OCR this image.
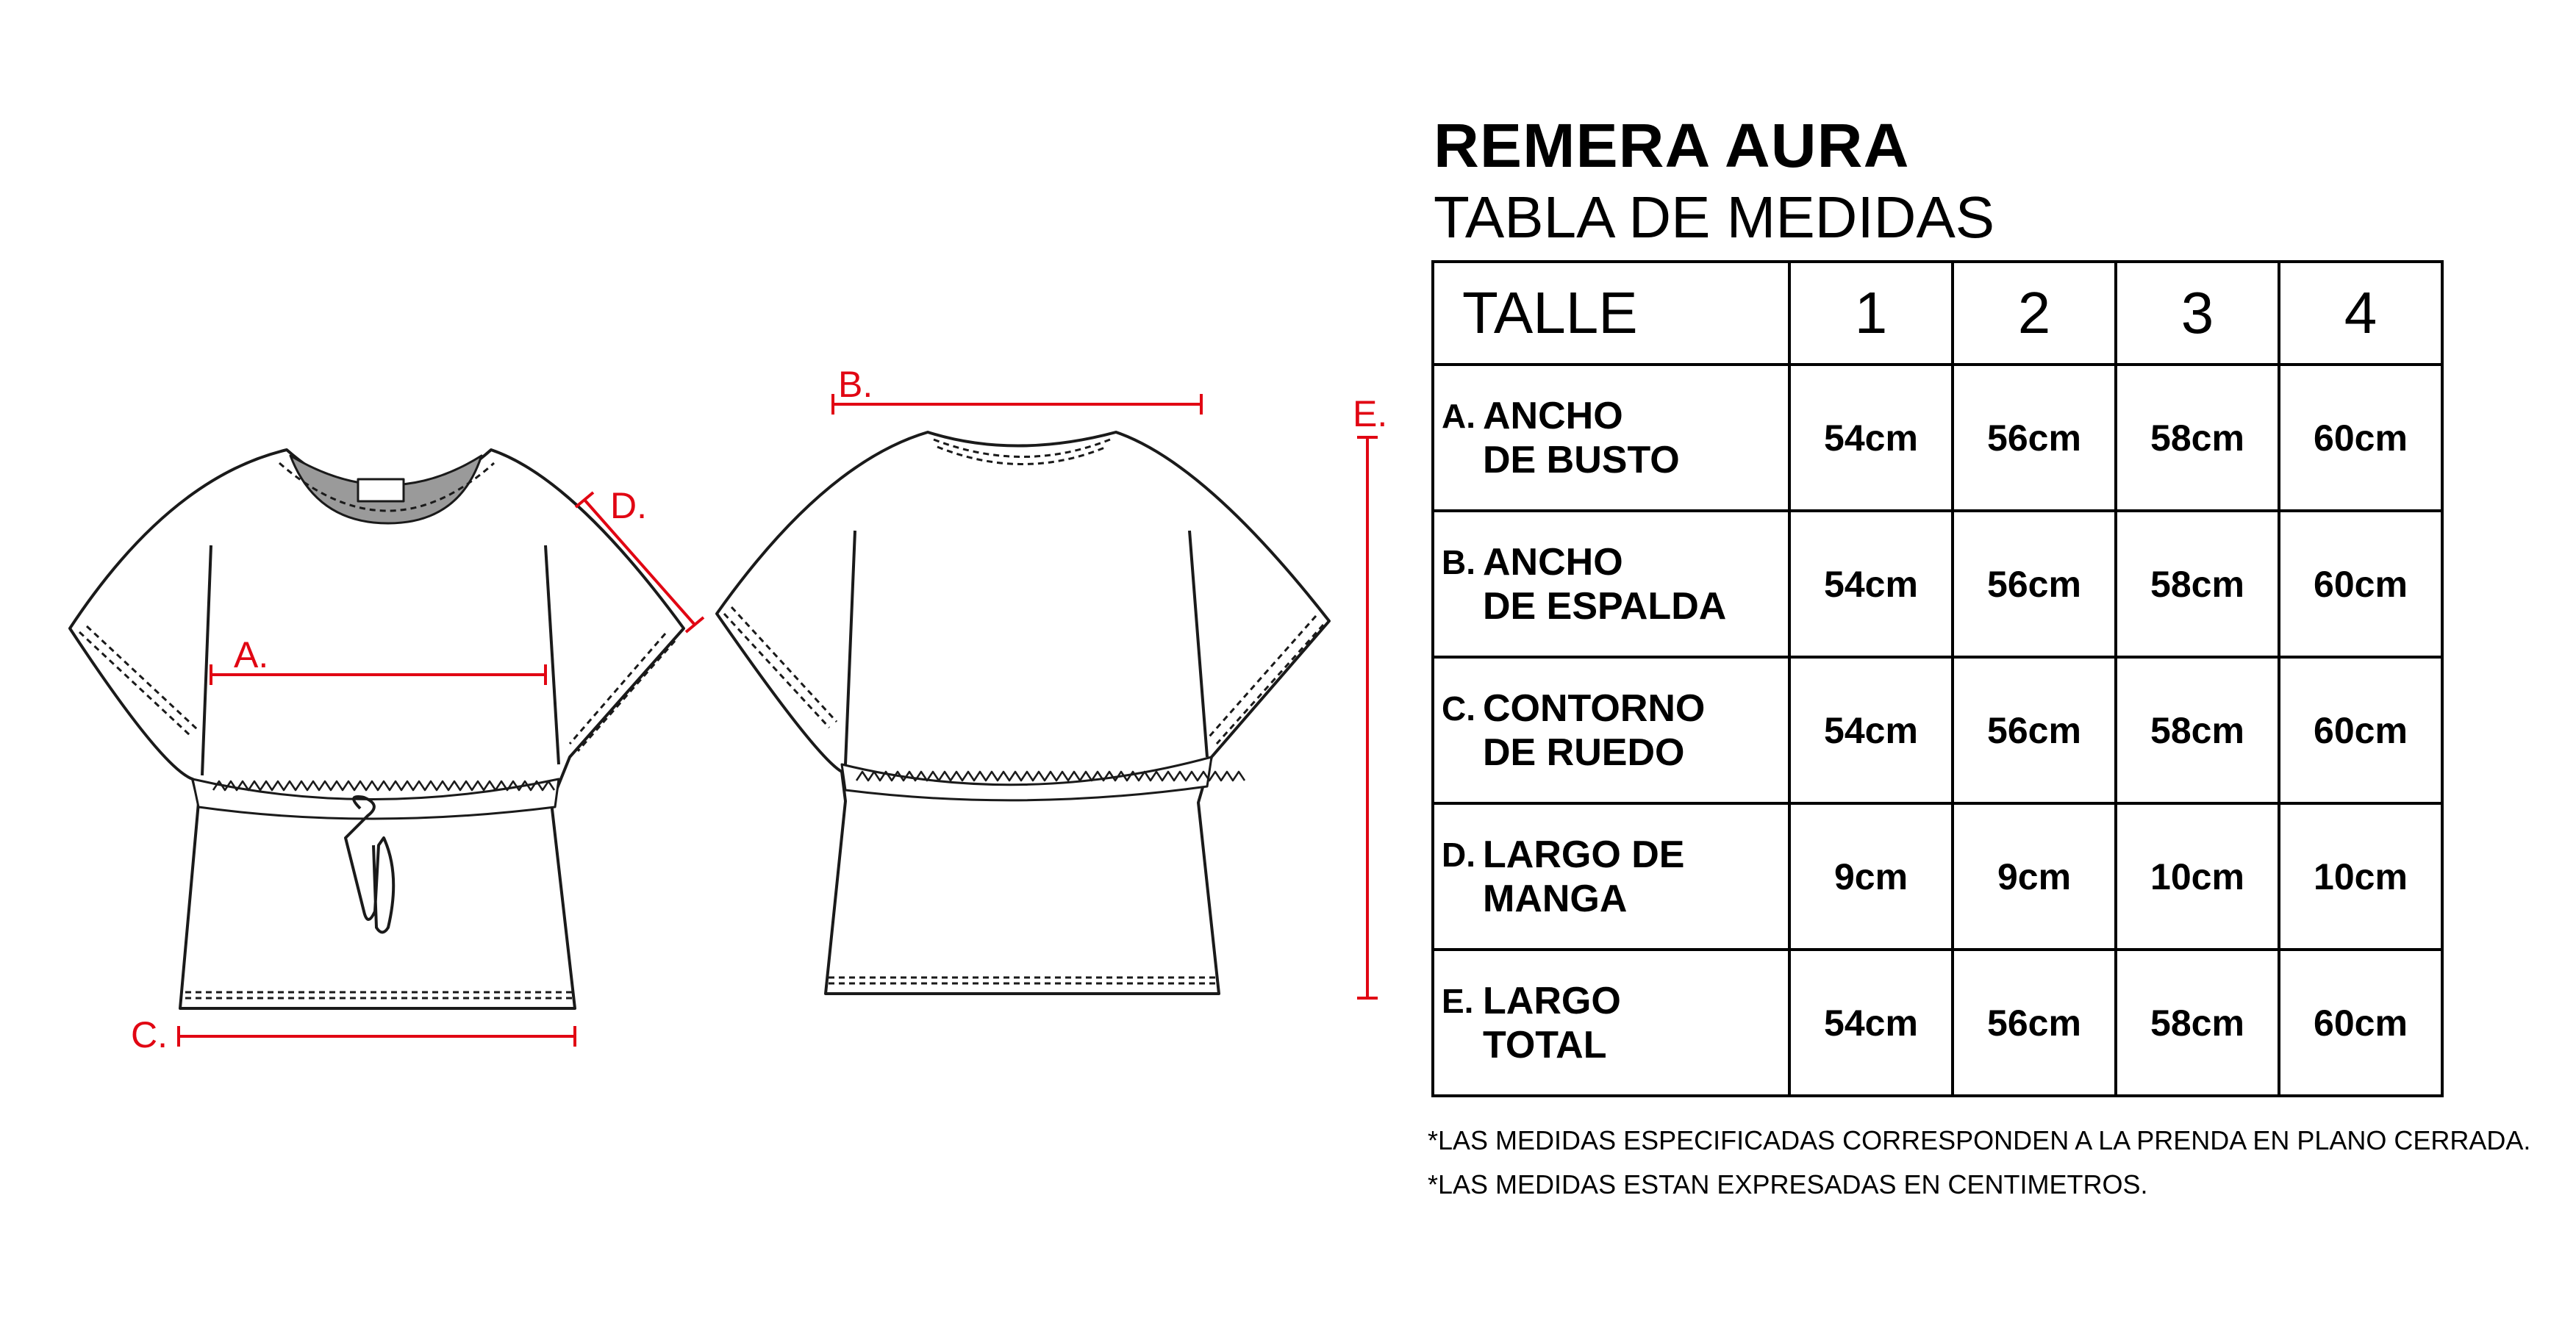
A.
B.
C.
D.
E.
REMERA AURA
TABLA DE MEDIDAS
TALLE	1	2	3	4

A. ANCHO
DE BUSTO	54cm	56cm	58cm	60cm

B. ANCHO
DE ESPALDA	54cm	56cm	58cm	60cm

C. CONTORNO
DE RUEDO	54cm	56cm	58cm	60cm

D. LARGO DE
MANGA	9cm	9cm	10cm	10cm

E. LARGO
TOTAL	54cm	56cm	58cm	60cm
*LAS MEDIDAS ESPECIFICADAS CORRESPONDEN A LA PRENDA EN PLANO CERRADA.
*LAS MEDIDAS ESTAN EXPRESADAS EN CENTIMETROS.
